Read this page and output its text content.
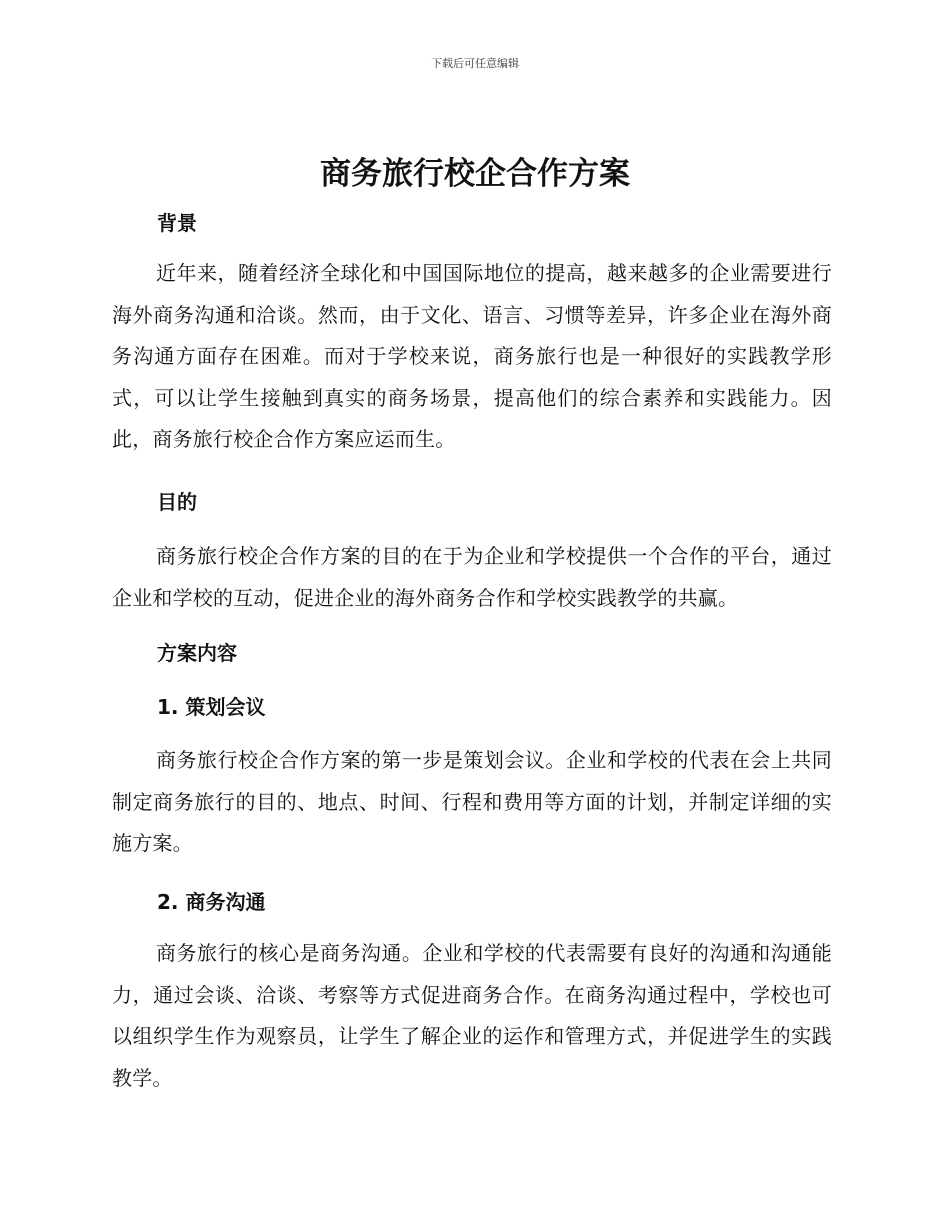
下载后可任意编辑
商务旅行校企合作方案
背景

近年来，随着经济全球化和中国国际地位的提高，越来越多的企业需要进行海外商务沟通和洽谈。然而，由于文化、语言、习惯等差异，许多企业在海外商务沟通方面存在困难。而对于学校来说，商务旅行也是一种很好的实践教学形式，可以让学生接触到真实的商务场景，提高他们的综合素养和实践能力。因此，商务旅行校企合作方案应运而生。

目的

商务旅行校企合作方案的目的在于为企业和学校提供一个合作的平台，通过企业和学校的互动，促进企业的海外商务合作和学校实践教学的共赢。

方案内容
1. 策划会议

商务旅行校企合作方案的第一步是策划会议。企业和学校的代表在会上共同制定商务旅行的目的、地点、时间、行程和费用等方面的计划，并制定详细的实施方案。

2. 商务沟通

商务旅行的核心是商务沟通。企业和学校的代表需要有良好的沟通和沟通能力，通过会谈、洽谈、考察等方式促进商务合作。在商务沟通过程中，学校也可以组织学生作为观察员，让学生了解企业的运作和管理方式，并促进学生的实践教学。
